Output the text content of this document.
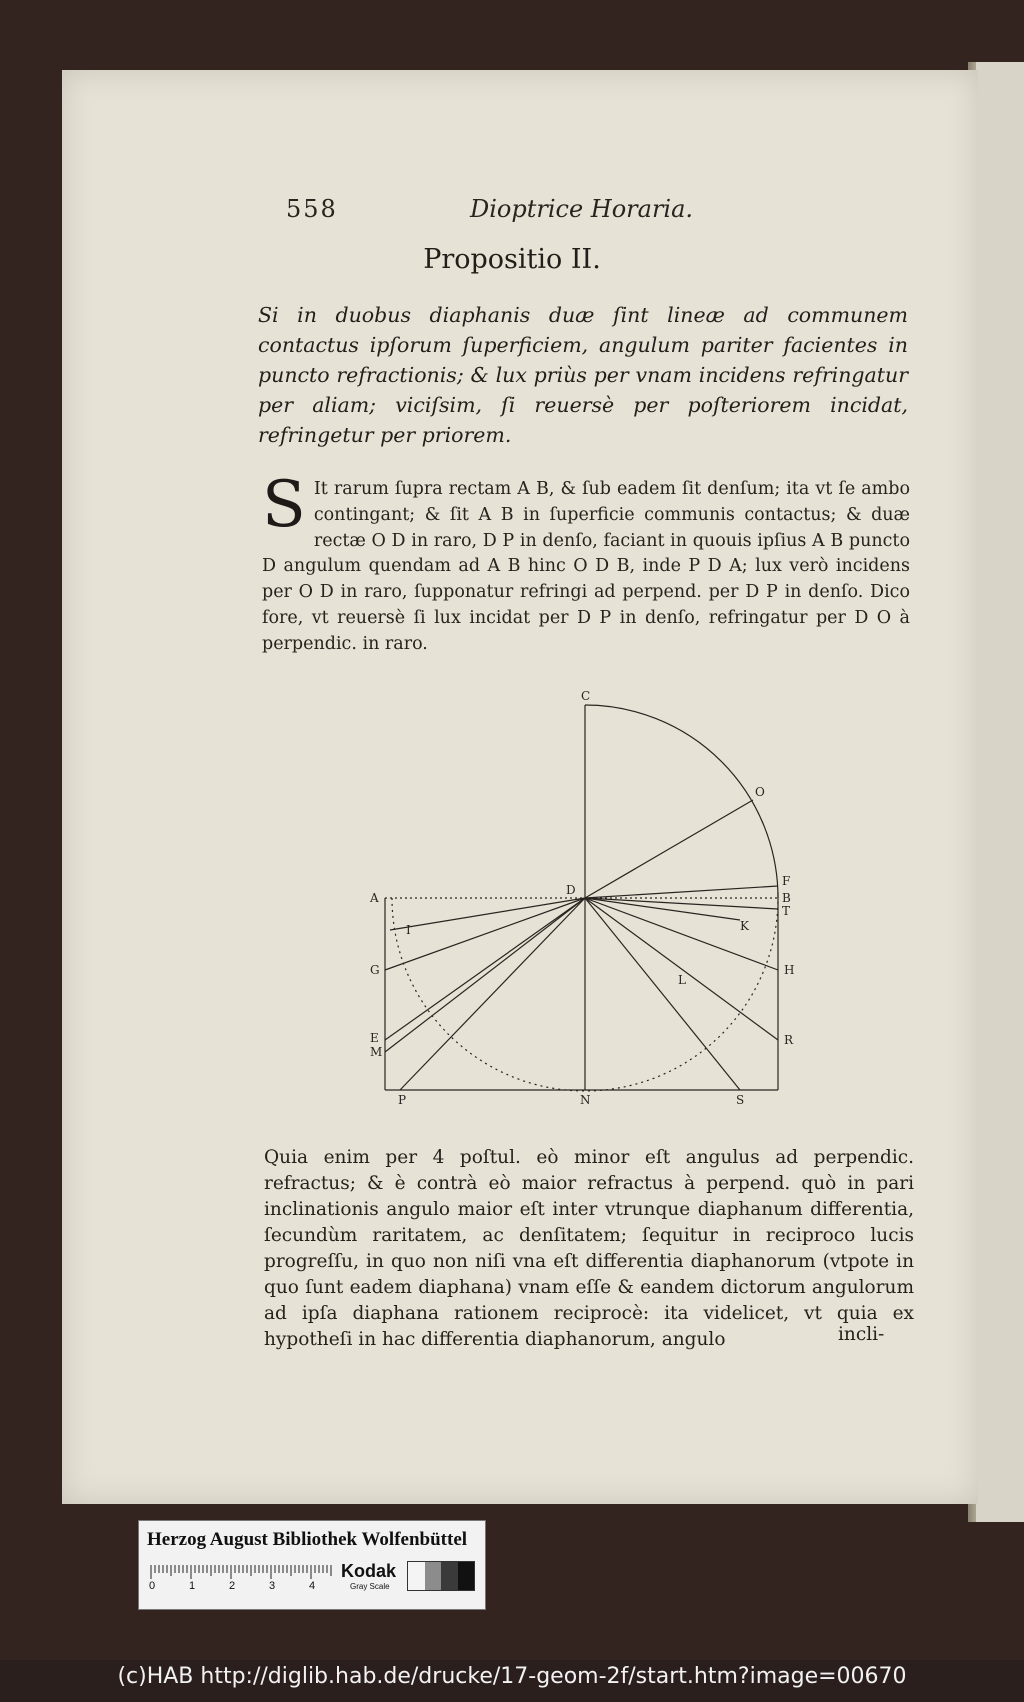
558	Dioptrice Horaria.
Propositio II.

Si in duobus diaphanis duæ ſint lineæ ad communem contactus ipſorum ſuperficiem, angulum pariter facientes in puncto refractionis; & lux priùs per vnam incidens refringatur per aliam; viciſsim, ſi reuersè per poſteriorem incidat, refringetur per priorem.

S It rarum ſupra rectam A B, & ſub eadem ſit denſum; ita vt ſe ambo contingant; & ſit A B in ſuperficie communis contactus; & duæ rectæ O D in raro, D P in denſo, faciant in quouis ipſius A B puncto D angulum quendam ad A B hinc O D B, inde P D A; lux verò incidens per O D in raro, ſupponatur refringi ad perpend. per D P in denſo. Dico fore, vt reuersè ſi lux incidat per D P in denſo, refringatur per D O à perpendic. in raro.

C
O
F
B
T
K
H
R
S
N
P
M
E
G
A
I
D
L

Quia enim per 4 poſtul. eò minor eſt angulus ad perpendic. refractus; & è contrà eò maior refractus à perpend. quò in pari inclinationis angulo maior eſt inter vtrunque diaphanum differentia, ſecundùm raritatem, ac denſitatem; ſequitur in reciproco lucis progreſſu, in quo non niſi vna eſt differentia diaphanorum (vtpote in quo ſunt eadem diaphana) vnam eſſe & eandem dictorum angulorum ad ipſa diaphana rationem reciprocè: ita videlicet, vt quia ex hypotheſi in hac differentia diaphanorum, angulo	incli-
Herzog August Bibliothek Wolfenbüttel
0	1	2	3	4
Kodak
Gray Scale
(c)HAB http://diglib.hab.de/drucke/17-geom-2f/start.htm?image=00670
